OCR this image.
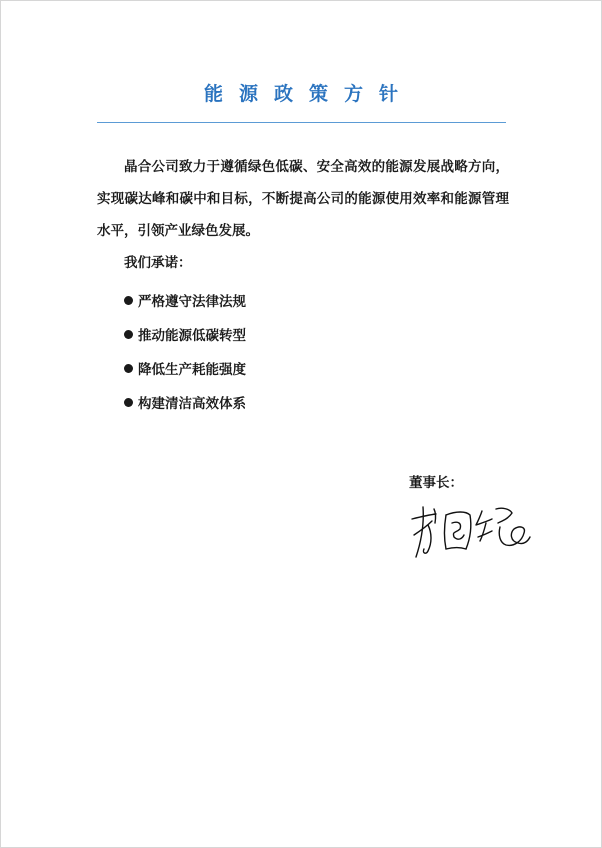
能源政策方针
晶合公司致力于遵循绿色低碳、安全高效的能源发展战略方向，实现碳达峰和碳中和目标，不断提高公司的能源使用效率和能源管理水平，引领产业绿色发展。
我们承诺：
严格遵守法律法规
推动能源低碳转型
降低生产耗能强度
构建清洁高效体系
董事长：
